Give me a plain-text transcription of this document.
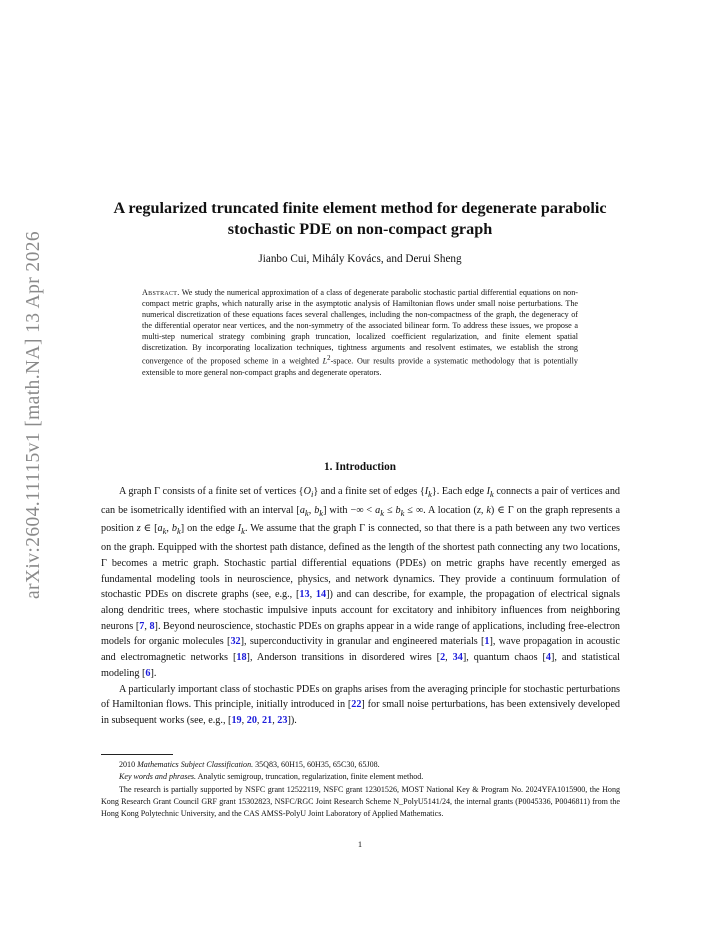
arXiv:2604.11115v1 [math.NA] 13 Apr 2026
A regularized truncated finite element method for degenerate parabolic
stochastic PDE on non-compact graph
Jianbo Cui, Mihály Kovács, and Derui Sheng
Abstract. We study the numerical approximation of a class of degenerate parabolic stochastic partial differential equations on non-compact metric graphs, which naturally arise in the asymptotic analysis of Hamiltonian flows under small noise perturbations. The numerical discretization of these equations faces several challenges, including the non-compactness of the graph, the degeneracy of the differential operator near vertices, and the non-symmetry of the associated bilinear form. To address these issues, we propose a multi-step numerical strategy combining graph truncation, localized coefficient regularization, and finite element spatial discretization. By incorporating localization techniques, tightness arguments and resolvent estimates, we establish the strong convergence of the proposed scheme in a weighted $L^2$-space. Our results provide a systematic methodology that is potentially extensible to more general non-compact graphs and degenerate operators.
1. Introduction

A graph Γ consists of a finite set of vertices $\{O_i\}$ and a finite set of edges $\{I_k\}$. Each edge $I_k$ connects a pair of vertices and can be isometrically identified with an interval [$a_k$, $b_k$] with −∞ < $a_k \le b_k$ ≤ ∞. A location (z, k) ∈ Γ on the graph represents a position z ∈ [$a_k$, $b_k$] on the edge $I_k$. We assume that the graph Γ is connected, so that there is a path between any two vertices on the graph. Equipped with the shortest path distance, defined as the length of the shortest path connecting any two locations, Γ becomes a metric graph. Stochastic partial differential equations (PDEs) on metric graphs have recently emerged as fundamental modeling tools in neuroscience, physics, and network dynamics. They provide a continuum formulation of stochastic PDEs on discrete graphs (see, e.g., [13, 14]) and can describe, for example, the propagation of electrical signals along dendritic trees, where stochastic impulsive inputs account for excitatory and inhibitory influences from neighboring neurons [7, 8]. Beyond neuroscience, stochastic PDEs on graphs appear in a wide range of applications, including free-electron models for organic molecules [32], superconductivity in granular and engineered materials [1], wave propagation in acoustic and electromagnetic networks [18], Anderson transitions in disordered wires [2, 34], quantum chaos [4], and statistical modeling [6].

A particularly important class of stochastic PDEs on graphs arises from the averaging principle for stochastic perturbations of Hamiltonian flows. This principle, initially introduced in [22] for small noise perturbations, has been extensively developed in subsequent works (see, e.g., [19, 20, 21, 23]).

2010 Mathematics Subject Classification. 35Q83, 60H15, 60H35, 65C30, 65J08.

Key words and phrases. Analytic semigroup, truncation, regularization, finite element method.

The research is partially supported by NSFC grant 12522119, NSFC grant 12301526, MOST National Key & Program No. 2024YFA1015900, the Hong Kong Research Grant Council GRF grant 15302823, NSFC/RGC Joint Research Scheme N_PolyU5141/24, the internal grants (P0045336, P0046811) from the Hong Kong Polytechnic University, and the CAS AMSS-PolyU Joint Laboratory of Applied Mathematics.

1
